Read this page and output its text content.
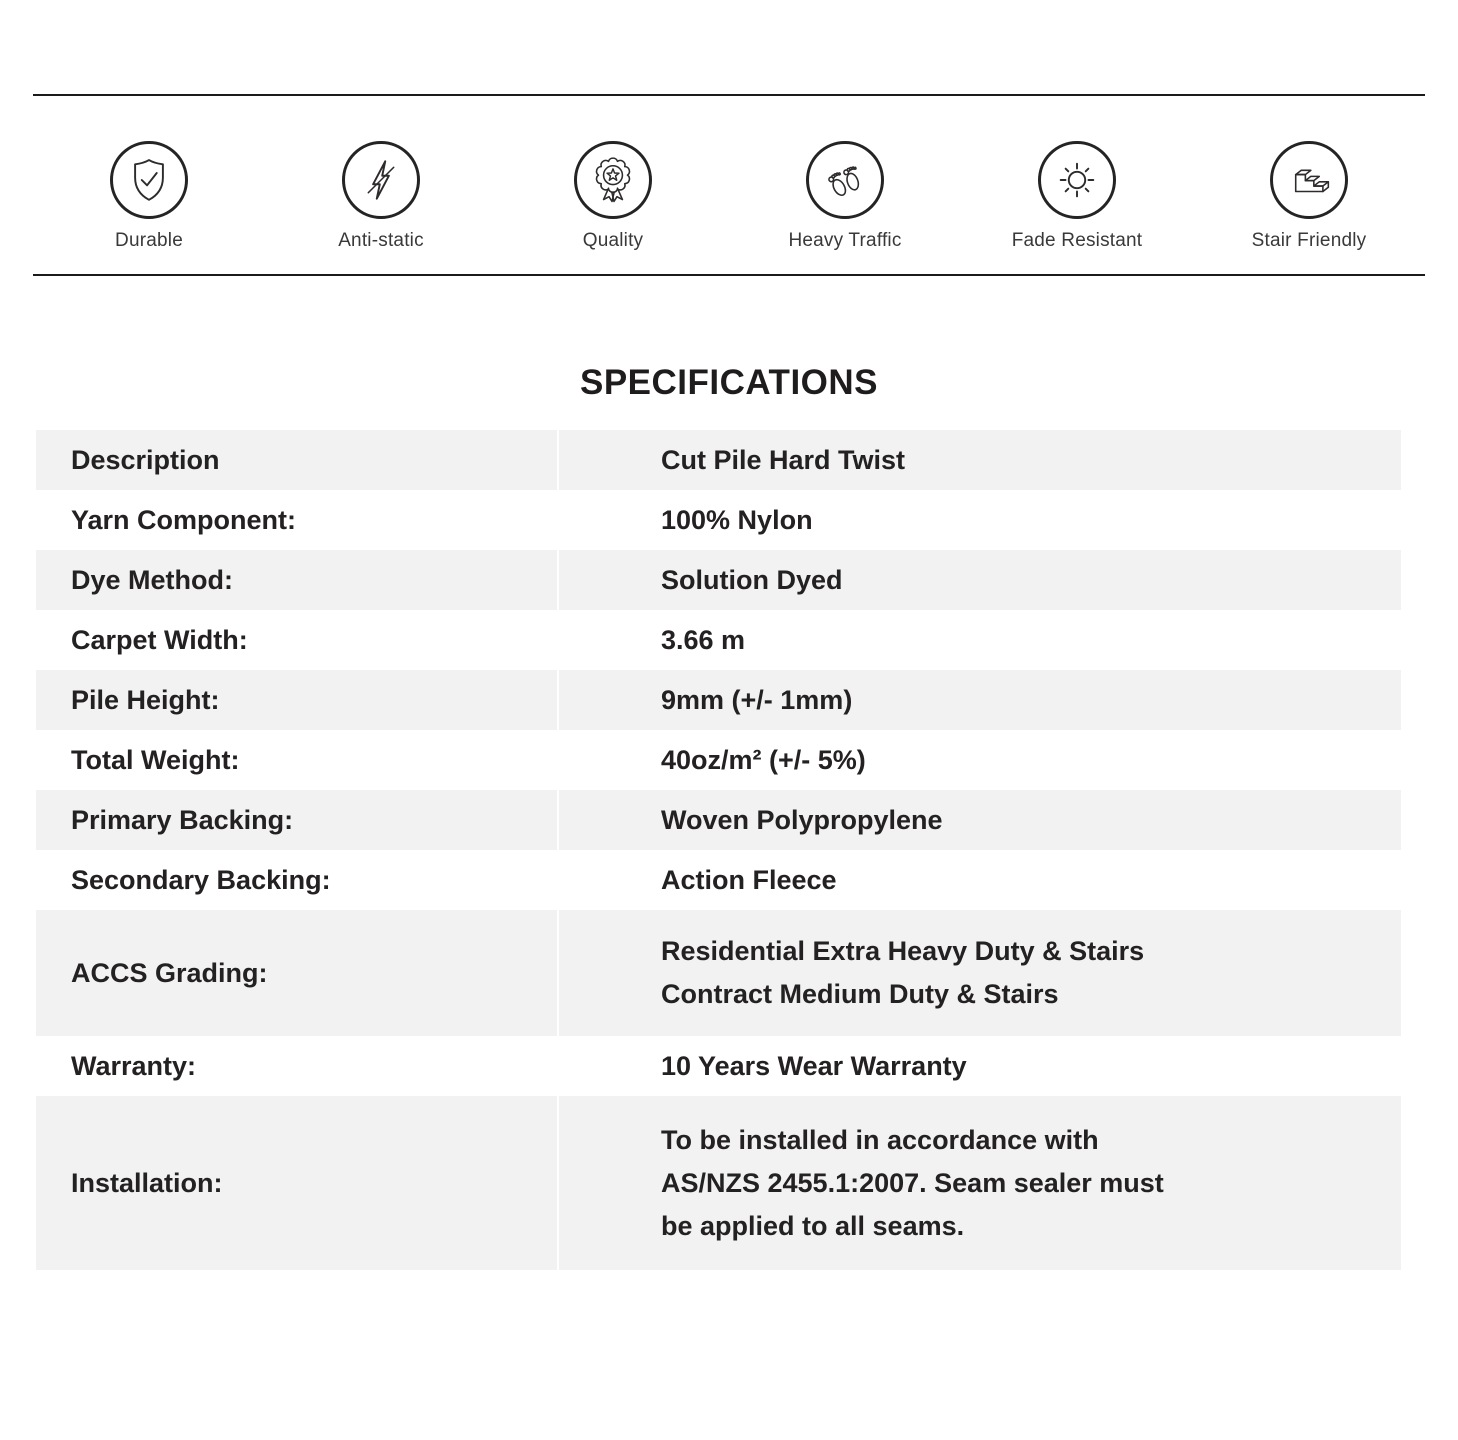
Durable	Anti-static	Quality	Heavy Traffic	Fade Resistant	Stair Friendly
SPECIFICATIONS
Description	Cut Pile Hard Twist
Yarn Component:	100% Nylon
Dye Method:	Solution Dyed
Carpet Width:	3.66 m
Pile Height:	9mm (+/- 1mm)
Total Weight:	40oz/m² (+/- 5%)
Primary Backing:	Woven Polypropylene
Secondary Backing:	Action Fleece
ACCS Grading:
Residential Extra Heavy Duty & Stairs
Contract Medium Duty & Stairs
Warranty:	10 Years Wear Warranty
Installation:
To be installed in accordance with
AS/NZS 2455.1:2007. Seam sealer must
be applied to all seams.
